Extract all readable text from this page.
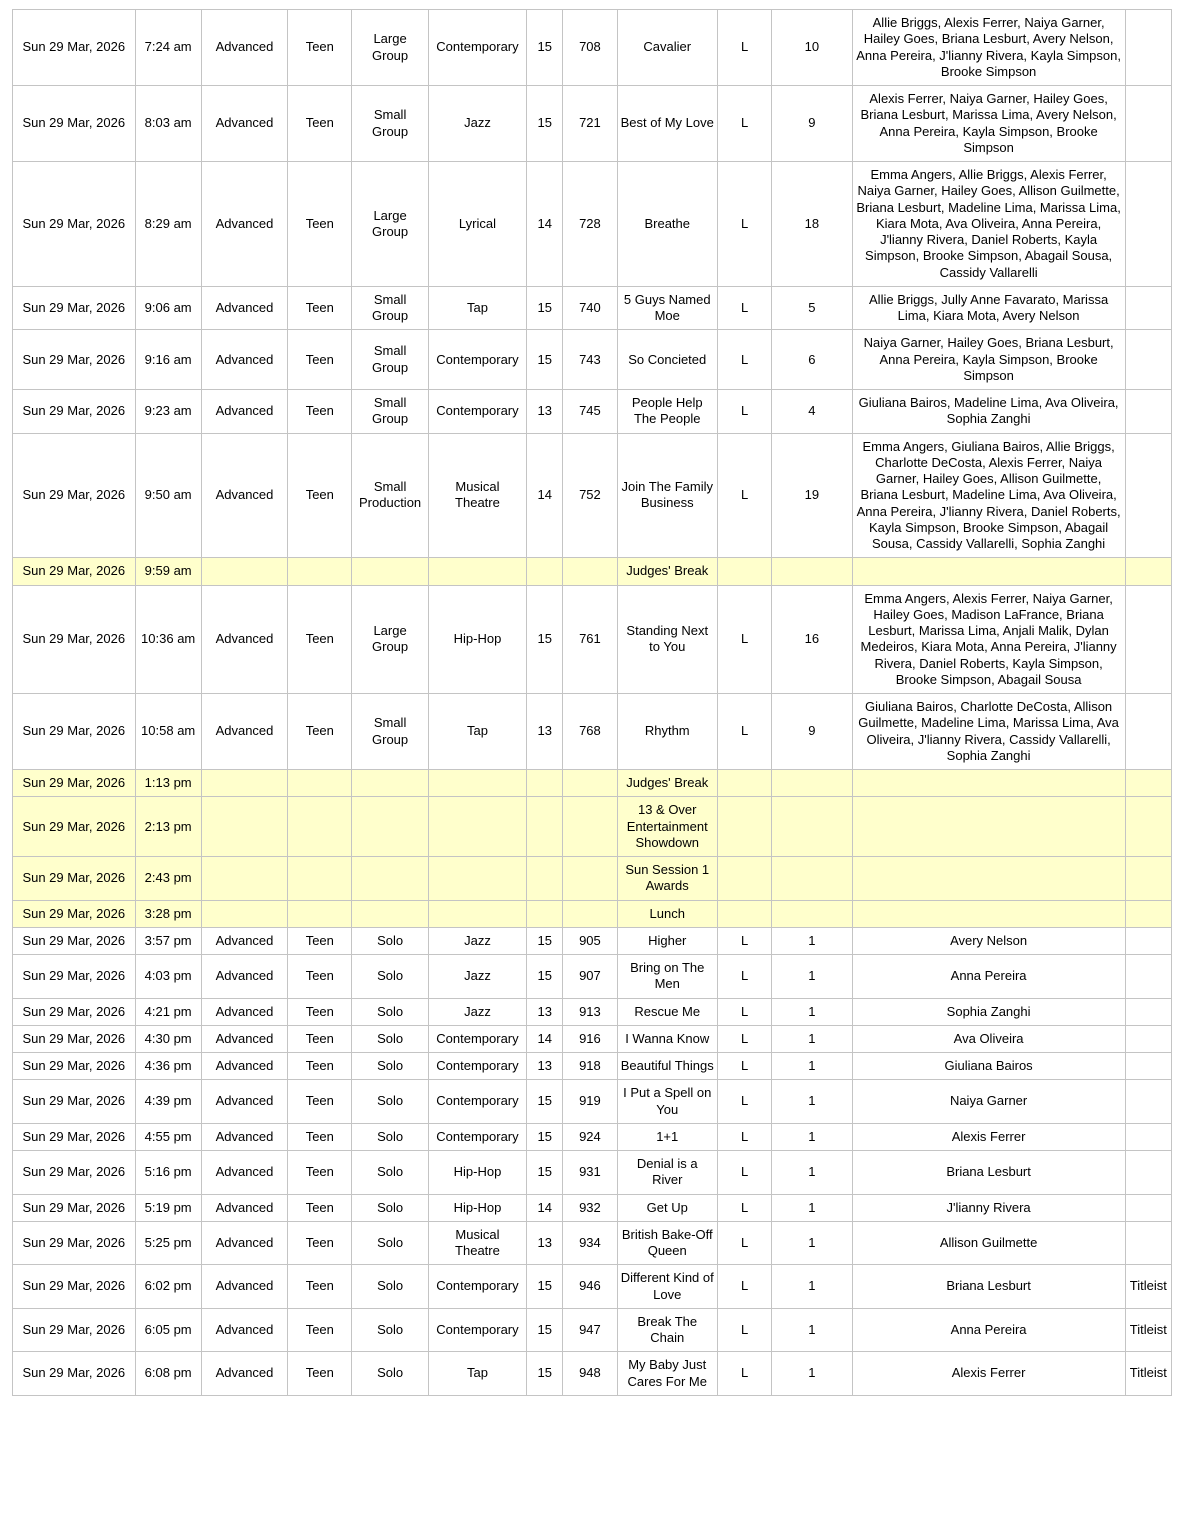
Sun 29 Mar, 2026	7:24 am	Advanced	Teen	Large Group	Contemporary	15	708	Cavalier	L	10	Allie Briggs, Alexis Ferrer, Naiya Garner, Hailey Goes, Briana Lesburt, Avery Nelson, Anna Pereira, J'lianny Rivera, Kayla Simpson, Brooke Simpson	
Sun 29 Mar, 2026	8:03 am	Advanced	Teen	Small Group	Jazz	15	721	Best of My Love	L	9	Alexis Ferrer, Naiya Garner, Hailey Goes, Briana Lesburt, Marissa Lima, Avery Nelson, Anna Pereira, Kayla Simpson, Brooke Simpson	
Sun 29 Mar, 2026	8:29 am	Advanced	Teen	Large Group	Lyrical	14	728	Breathe	L	18	Emma Angers, Allie Briggs, Alexis Ferrer, Naiya Garner, Hailey Goes, Allison Guilmette, Briana Lesburt, Madeline Lima, Marissa Lima, Kiara Mota, Ava Oliveira, Anna Pereira, J'lianny Rivera, Daniel Roberts, Kayla Simpson, Brooke Simpson, Abagail Sousa, Cassidy Vallarelli	
Sun 29 Mar, 2026	9:06 am	Advanced	Teen	Small Group	Tap	15	740	5 Guys Named Moe	L	5	Allie Briggs, Jully Anne Favarato, Marissa Lima, Kiara Mota, Avery Nelson	
Sun 29 Mar, 2026	9:16 am	Advanced	Teen	Small Group	Contemporary	15	743	So Concieted	L	6	Naiya Garner, Hailey Goes, Briana Lesburt, Anna Pereira, Kayla Simpson, Brooke Simpson	
Sun 29 Mar, 2026	9:23 am	Advanced	Teen	Small Group	Contemporary	13	745	People Help The People	L	4	Giuliana Bairos, Madeline Lima, Ava Oliveira, Sophia Zanghi	
Sun 29 Mar, 2026	9:50 am	Advanced	Teen	Small Production	Musical Theatre	14	752	Join The Family Business	L	19	Emma Angers, Giuliana Bairos, Allie Briggs, Charlotte DeCosta, Alexis Ferrer, Naiya Garner, Hailey Goes, Allison Guilmette, Briana Lesburt, Madeline Lima, Ava Oliveira, Anna Pereira, J'lianny Rivera, Daniel Roberts, Kayla Simpson, Brooke Simpson, Abagail Sousa, Cassidy Vallarelli, Sophia Zanghi	
Sun 29 Mar, 2026	9:59 am							Judges' Break				
Sun 29 Mar, 2026	10:36 am	Advanced	Teen	Large Group	Hip-Hop	15	761	Standing Next to You	L	16	Emma Angers, Alexis Ferrer, Naiya Garner, Hailey Goes, Madison LaFrance, Briana Lesburt, Marissa Lima, Anjali Malik, Dylan Medeiros, Kiara Mota, Anna Pereira, J'lianny Rivera, Daniel Roberts, Kayla Simpson, Brooke Simpson, Abagail Sousa	
Sun 29 Mar, 2026	10:58 am	Advanced	Teen	Small Group	Tap	13	768	Rhythm	L	9	Giuliana Bairos, Charlotte DeCosta, Allison Guilmette, Madeline Lima, Marissa Lima, Ava Oliveira, J'lianny Rivera, Cassidy Vallarelli, Sophia Zanghi	
Sun 29 Mar, 2026	1:13 pm							Judges' Break				
Sun 29 Mar, 2026	2:13 pm							13 & Over Entertainment Showdown				
Sun 29 Mar, 2026	2:43 pm							Sun Session 1 Awards				
Sun 29 Mar, 2026	3:28 pm							Lunch				
Sun 29 Mar, 2026	3:57 pm	Advanced	Teen	Solo	Jazz	15	905	Higher	L	1	Avery Nelson	
Sun 29 Mar, 2026	4:03 pm	Advanced	Teen	Solo	Jazz	15	907	Bring on The Men	L	1	Anna Pereira	
Sun 29 Mar, 2026	4:21 pm	Advanced	Teen	Solo	Jazz	13	913	Rescue Me	L	1	Sophia Zanghi	
Sun 29 Mar, 2026	4:30 pm	Advanced	Teen	Solo	Contemporary	14	916	I Wanna Know	L	1	Ava Oliveira	
Sun 29 Mar, 2026	4:36 pm	Advanced	Teen	Solo	Contemporary	13	918	Beautiful Things	L	1	Giuliana Bairos	
Sun 29 Mar, 2026	4:39 pm	Advanced	Teen	Solo	Contemporary	15	919	I Put a Spell on You	L	1	Naiya Garner	
Sun 29 Mar, 2026	4:55 pm	Advanced	Teen	Solo	Contemporary	15	924	1+1	L	1	Alexis Ferrer	
Sun 29 Mar, 2026	5:16 pm	Advanced	Teen	Solo	Hip-Hop	15	931	Denial is a River	L	1	Briana Lesburt	
Sun 29 Mar, 2026	5:19 pm	Advanced	Teen	Solo	Hip-Hop	14	932	Get Up	L	1	J'lianny Rivera	
Sun 29 Mar, 2026	5:25 pm	Advanced	Teen	Solo	Musical Theatre	13	934	British Bake-Off Queen	L	1	Allison Guilmette	
Sun 29 Mar, 2026	6:02 pm	Advanced	Teen	Solo	Contemporary	15	946	Different Kind of Love	L	1	Briana Lesburt	Titleist
Sun 29 Mar, 2026	6:05 pm	Advanced	Teen	Solo	Contemporary	15	947	Break The Chain	L	1	Anna Pereira	Titleist
Sun 29 Mar, 2026	6:08 pm	Advanced	Teen	Solo	Tap	15	948	My Baby Just Cares For Me	L	1	Alexis Ferrer	Titleist
